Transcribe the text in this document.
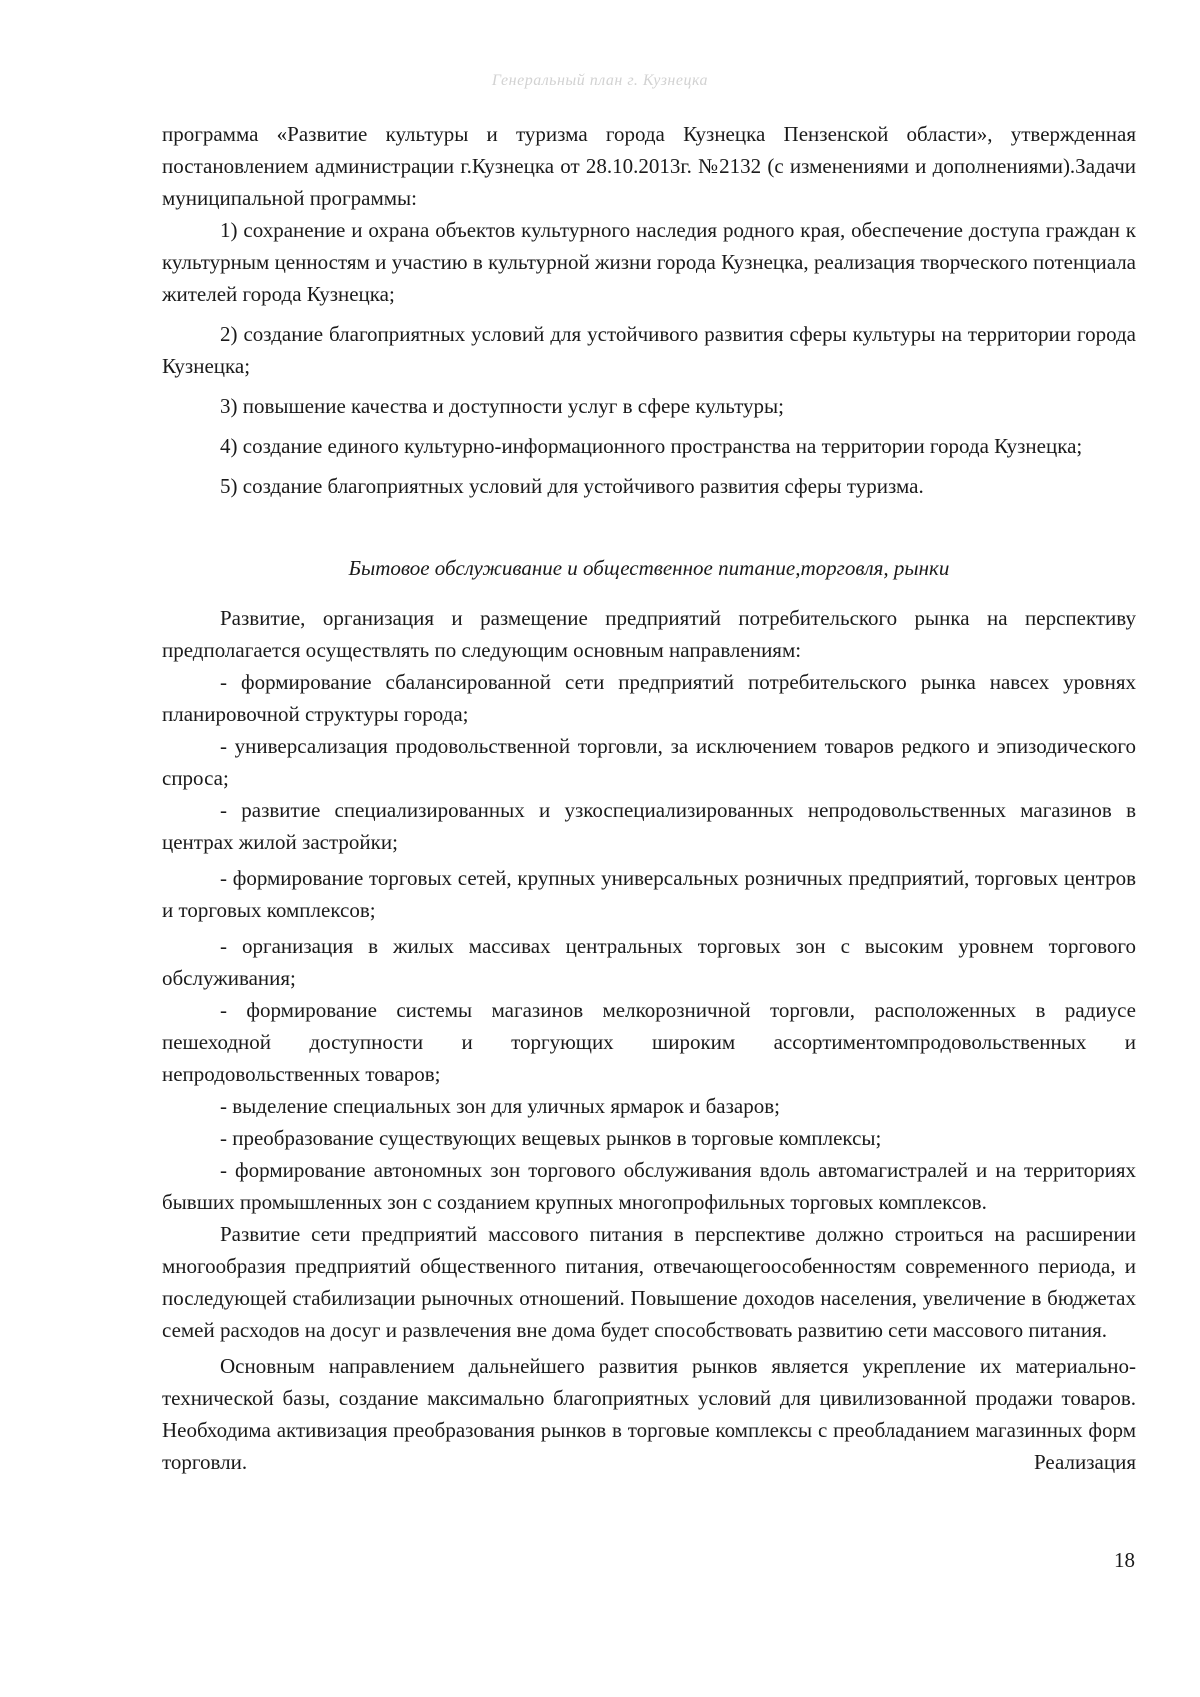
Генеральный план г. Кузнецка

программа «Развитие культуры и туризма города Кузнецка Пензенской области», утвержденная постановлением администрации г.Кузнецка от 28.10.2013г. №2132 (с изменениями и дополнениями).Задачи муниципальной программы:

1) сохранение и охрана объектов культурного наследия родного края, обеспечение доступа граждан к культурным ценностям и участию в культурной жизни города Кузнецка, реализация творческого потенциала жителей города Кузнецка;

2) создание благоприятных условий для устойчивого развития сферы культуры на территории города Кузнецка;

3) повышение качества и доступности услуг в сфере культуры;

4) создание единого культурно-информационного пространства на территории города Кузнецка;

5) создание благоприятных условий для устойчивого развития сферы туризма.

Бытовое обслуживание и общественное питание,торговля, рынки

Развитие, организация и размещение предприятий потребительского рынка на перспективу предполагается осуществлять по следующим основным направлениям:

- формирование сбалансированной сети предприятий потребительского рынка навсех уровнях планировочной структуры города;

- универсализация продовольственной торговли, за исключением товаров редкого и эпизодического спроса;

- развитие специализированных и узкоспециализированных непродовольственных магазинов в центрах жилой застройки;

- формирование торговых сетей, крупных универсальных розничных предприятий, торговых центров и торговых комплексов;

- организация в жилых массивах центральных торговых зон с высоким уровнем торгового обслуживания;

- формирование системы магазинов мелкорозничной торговли, расположенных в радиусе пешеходной доступности и торгующих широким ассортиментомпродовольственных и непродовольственных товаров;

- выделение специальных зон для уличных ярмарок и базаров;

- преобразование существующих вещевых рынков в торговые комплексы;

- формирование автономных зон торгового обслуживания вдоль автомагистралей и на территориях бывших промышленных зон с созданием крупных многопрофильных торговых комплексов.

Развитие сети предприятий массового питания в перспективе должно строиться на расширении многообразия предприятий общественного питания, отвечающегоособенностям современного периода, и последующей стабилизации рыночных отношений. Повышение доходов населения, увеличение в бюджетах семей расходов на досуг и развлечения вне дома будет способствовать развитию сети массового питания.

Основным направлением дальнейшего развития рынков является укрепление их материально-технической базы, создание максимально благоприятных условий для цивилизованной продажи товаров. Необходима активизация преобразования рынков в торговые комплексы с преобладанием магазинных форм торговли. Реализация

18
